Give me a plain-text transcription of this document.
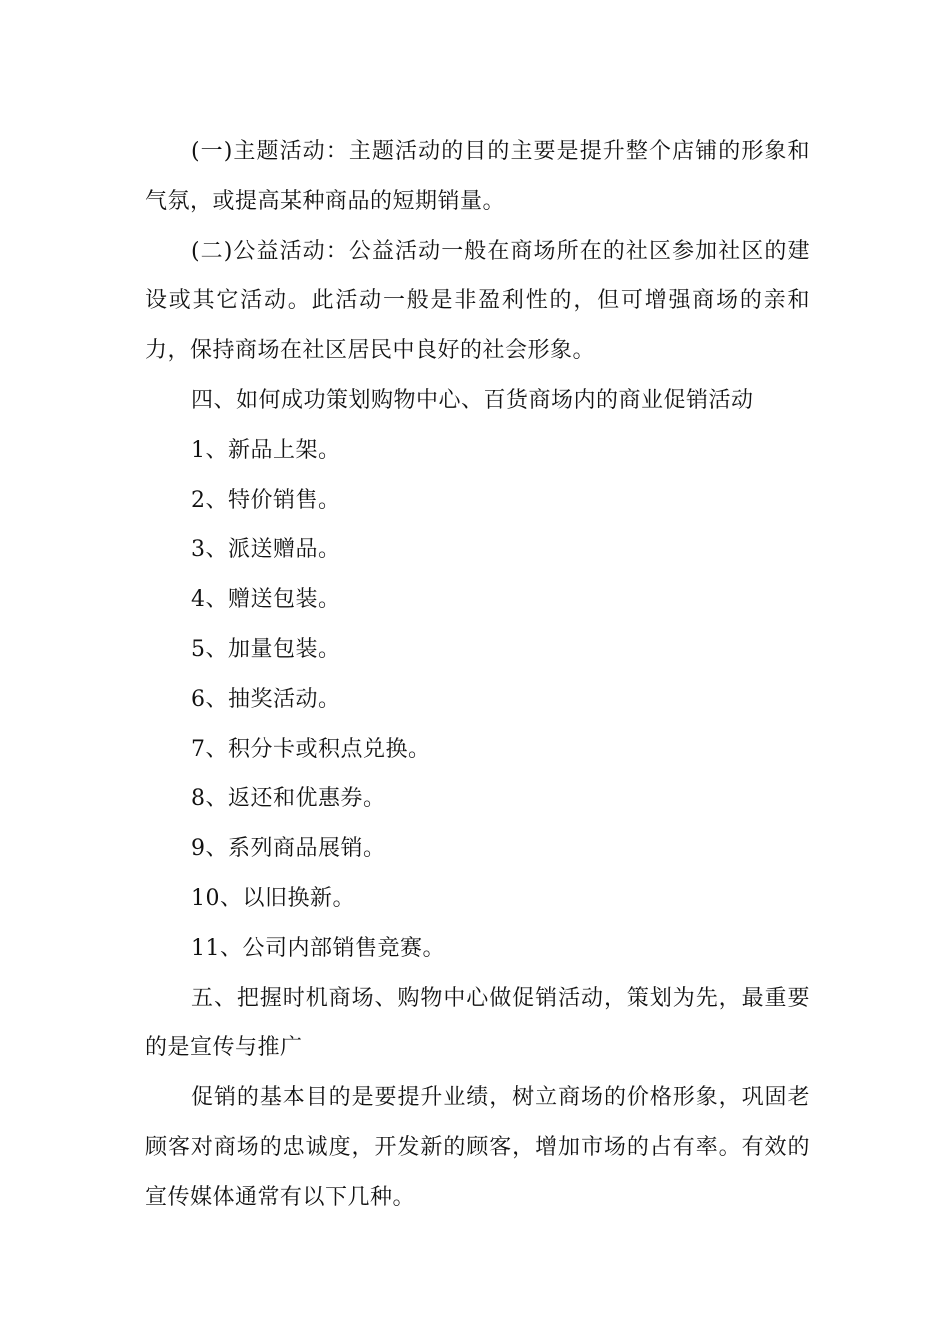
(一)主题活动：主题活动的目的主要是提升整个店铺的形象和气氛，或提高某种商品的短期销量。

(二)公益活动：公益活动一般在商场所在的社区参加社区的建设或其它活动。此活动一般是非盈利性的，但可增强商场的亲和力，保持商场在社区居民中良好的社会形象。

四、如何成功策划购物中心、百货商场内的商业促销活动

1、新品上架。

2、特价销售。

3、派送赠品。

4、赠送包装。

5、加量包装。

6、抽奖活动。

7、积分卡或积点兑换。

8、返还和优惠券。

9、系列商品展销。

10、以旧换新。

11、公司内部销售竞赛。

五、把握时机商场、购物中心做促销活动，策划为先，最重要的是宣传与推广

促销的基本目的是要提升业绩，树立商场的价格形象，巩固老顾客对商场的忠诚度，开发新的顾客，增加市场的占有率。有效的宣传媒体通常有以下几种。
